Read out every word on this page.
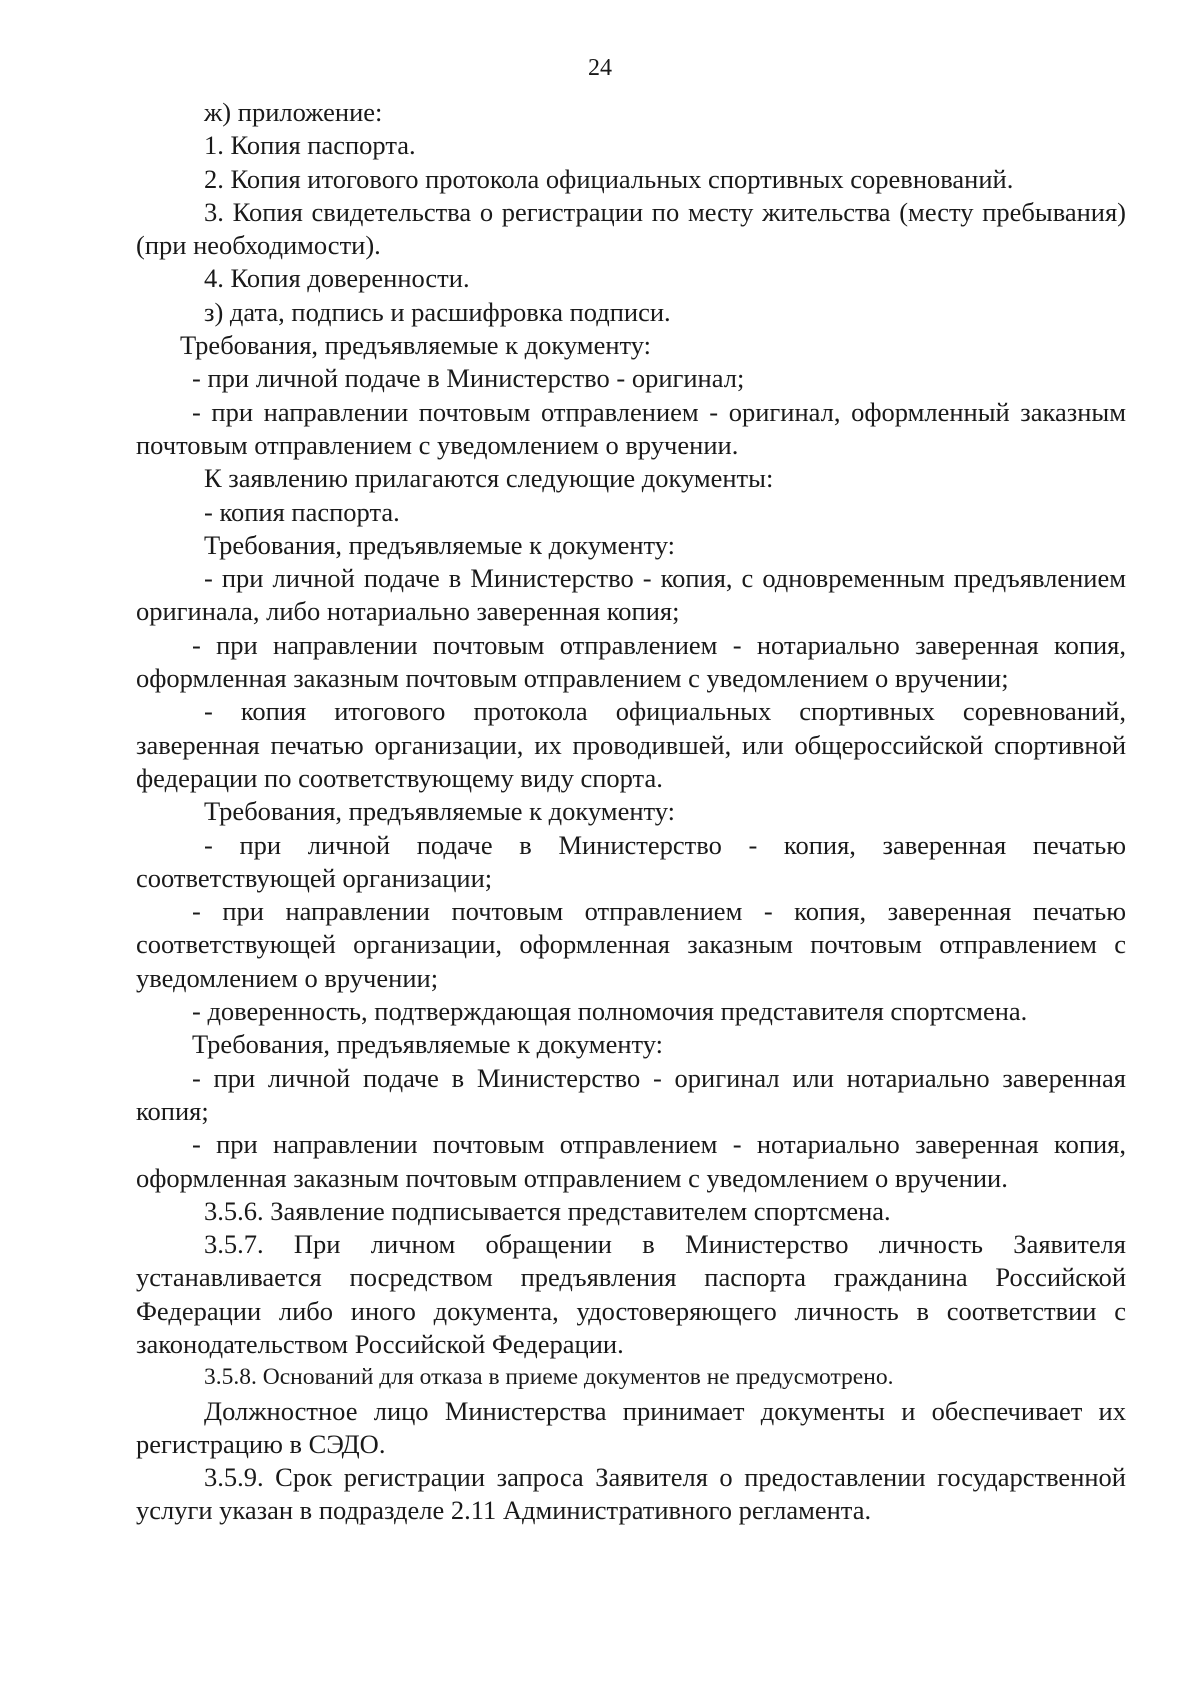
24

ж) приложение:

1. Копия паспорта.

2. Копия итогового протокола официальных спортивных соревнований.

3. Копия свидетельства о регистрации по месту жительства (месту пребывания) (при необходимости).

4. Копия доверенности.

з) дата, подпись и расшифровка подписи.

Требования, предъявляемые к документу:

- при личной подаче в Министерство - оригинал;

- при направлении почтовым отправлением - оригинал, оформленный заказным почтовым отправлением с уведомлением о вручении.

К заявлению прилагаются следующие документы:

- копия паспорта.

Требования, предъявляемые к документу:

- при личной подаче в Министерство - копия, с одновременным предъявлением оригинала, либо нотариально заверенная копия;

- при направлении почтовым отправлением - нотариально заверенная копия, оформленная заказным почтовым отправлением с уведомлением о вручении;

- копия итогового протокола официальных спортивных соревнований, заверенная печатью организации, их проводившей, или общероссийской спортивной федерации по соответствующему виду спорта.

Требования, предъявляемые к документу:

- при личной подаче в Министерство - копия, заверенная печатью соответствующей организации;

- при направлении почтовым отправлением - копия, заверенная печатью соответствующей организации, оформленная заказным почтовым отправлением с уведомлением о вручении;

- доверенность, подтверждающая полномочия представителя спортсмена.

Требования, предъявляемые к документу:

- при личной подаче в Министерство - оригинал или нотариально заверенная копия;

- при направлении почтовым отправлением - нотариально заверенная копия, оформленная заказным почтовым отправлением с уведомлением о вручении.

3.5.6. Заявление подписывается представителем спортсмена.

3.5.7. При личном обращении в Министерство личность Заявителя устанавливается посредством предъявления паспорта гражданина Российской Федерации либо иного документа, удостоверяющего личность в соответствии с законодательством Российской Федерации.

3.5.8. Оснований для отказа в приеме документов не предусмотрено.

Должностное лицо Министерства принимает документы и обеспечивает их регистрацию в СЭДО.

3.5.9. Срок регистрации запроса Заявителя о предоставлении государственной услуги указан в подразделе 2.11 Административного регламента.
